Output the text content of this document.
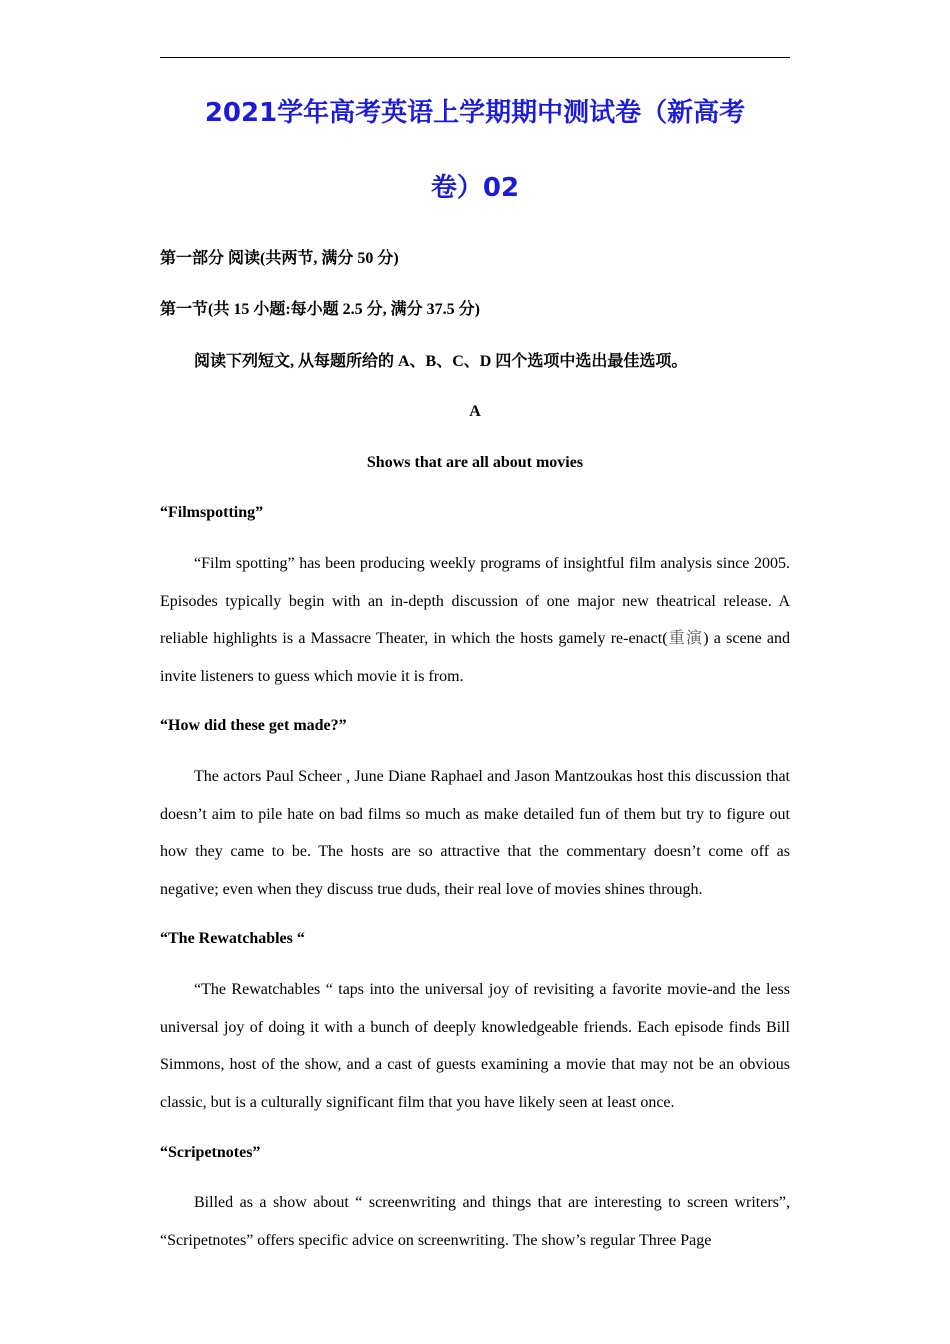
2021学年高考英语上学期期中测试卷（新高考
卷）02
第一部分 阅读(共两节, 满分 50 分)
第一节(共 15 小题:每小题 2.5 分, 满分 37.5 分)
阅读下列短文, 从每题所给的 A、B、C、D 四个选项中选出最佳选项。
A
Shows that are all about movies
“Filmspotting”
“Film spotting” has been producing weekly programs of insightful film analysis since 2005. Episodes typically begin with an in-depth discussion of one major new theatrical release. A reliable highlights is a Massacre Theater, in which the hosts gamely re-enact(重演) a scene and invite listeners to guess which movie it is from.
“How did these get made?”
The actors Paul Scheer , June Diane Raphael and Jason Mantzoukas host this discussion that doesn’t aim to pile hate on bad films so much as make detailed fun of them but try to figure out how they came to be. The hosts are so attractive that the commentary doesn’t come off as negative; even when they discuss true duds, their real love of movies shines through.
“The Rewatchables “
“The Rewatchables “ taps into the universal joy of revisiting a favorite movie-and the less universal joy of doing it with a bunch of deeply knowledgeable friends. Each episode finds Bill Simmons, host of the show, and a cast of guests examining a movie that may not be an obvious classic, but is a culturally significant film that you have likely seen at least once.
“Scripetnotes”
Billed as a show about “ screenwriting and things that are interesting to screen writers”, “Scripetnotes” offers specific advice on screenwriting. The show’s regular Three Page
